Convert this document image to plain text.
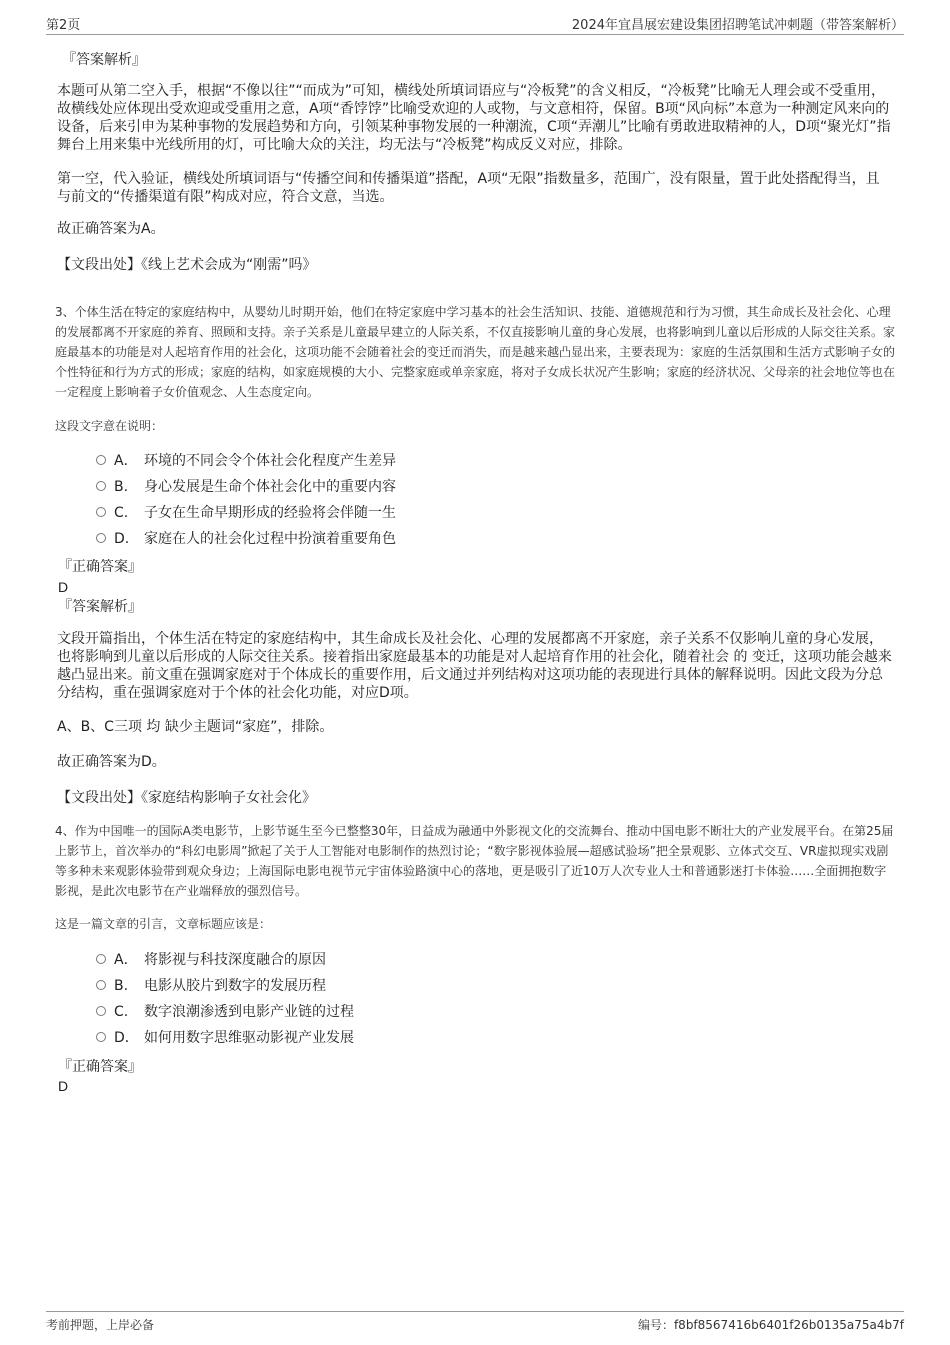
第2页	2024年宜昌展宏建设集团招聘笔试冲刺题（带答案解析）
『答案解析』
本题可从第二空入手，根据“不像以往”“而成为”可知，横线处所填词语应与“冷板凳”的含义相反，“冷板凳”比喻无人理会或不受重用，故横线处应体现出受欢迎或受重用之意，A项“香饽饽”比喻受欢迎的人或物，与文意相符，保留。B项“风向标”本意为一种测定风来向的设备，后来引申为某种事物的发展趋势和方向，引领某种事物发展的一种潮流，C项“弄潮儿”比喻有勇敢进取精神的人，D项“聚光灯”指舞台上用来集中光线所用的灯，可比喻大众的关注，均无法与“冷板凳”构成反义对应，排除。
第一空，代入验证，横线处所填词语与“传播空间和传播渠道”搭配，A项“无限”指数量多，范围广，没有限量，置于此处搭配得当，且与前文的“传播渠道有限”构成对应，符合文意，当选。
故正确答案为A。
【文段出处】《线上艺术会成为“刚需”吗》
3、个体生活在特定的家庭结构中，从婴幼儿时期开始，他们在特定家庭中学习基本的社会生活知识、技能、道德规范和行为习惯，其生命成长及社会化、心理的发展都离不开家庭的养育、照顾和支持。亲子关系是儿童最早建立的人际关系，不仅直接影响儿童的身心发展，也将影响到儿童以后形成的人际交往关系。家庭最基本的功能是对人起培育作用的社会化，这项功能不会随着社会的变迁而消失，而是越来越凸显出来，主要表现为：家庭的生活氛围和生活方式影响子女的个性特征和行为方式的形成；家庭的结构，如家庭规模的大小、完整家庭或单亲家庭，将对子女成长状况产生影响；家庭的经济状况、父母亲的社会地位等也在一定程度上影响着子女价值观念、人生态度定向。
这段文字意在说明：
A． 环境的不同会令个体社会化程度产生差异
B. 身心发展是生命个体社会化中的重要内容
C. 子女在生命早期形成的经验将会伴随一生
D. 家庭在人的社会化过程中扮演着重要角色
『正确答案』
D
『答案解析』
文段开篇指出，个体生活在特定的家庭结构中，其生命成长及社会化、心理的发展都离不开家庭，亲子关系不仅影响儿童的身心发展，也将影响到儿童以后形成的人际交往关系。接着指出家庭最基本的功能是对人起培育作用的社会化，随着社会 的 变迁，这项功能会越来越凸显出来。前文重在强调家庭对于个体成长的重要作用，后文通过并列结构对这项功能的表现进行具体的解释说明。因此文段为分总分结构，重在强调家庭对于个体的社会化功能，对应D项。
A、B、C三项 均 缺少主题词“家庭”，排除。
故正确答案为D。
【文段出处】《家庭结构影响子女社会化》
4、作为中国唯一的国际A类电影节，上影节诞生至今已整整30年，日益成为融通中外影视文化的交流舞台、推动中国电影不断壮大的产业发展平台。在第25届上影节上，首次举办的“科幻电影周”掀起了关于人工智能对电影制作的热烈讨论；“数字影视体验展—超感试验场”把全景观影、立体式交互、VR虚拟现实戏剧等多种未来观影体验带到观众身边；上海国际电影电视节元宇宙体验路演中心的落地，更是吸引了近10万人次专业人士和普通影迷打卡体验……全面拥抱数字影视，是此次电影节在产业端释放的强烈信号。
这是一篇文章的引言，文章标题应该是：
A． 将影视与科技深度融合的原因
B. 电影从胶片到数字的发展历程
C. 数字浪潮渗透到电影产业链的过程
D． 如何用数字思维驱动影视产业发展
『正确答案』
D
考前押题，上岸必备	编号：f8bf8567416b6401f26b0135a75a4b7f
